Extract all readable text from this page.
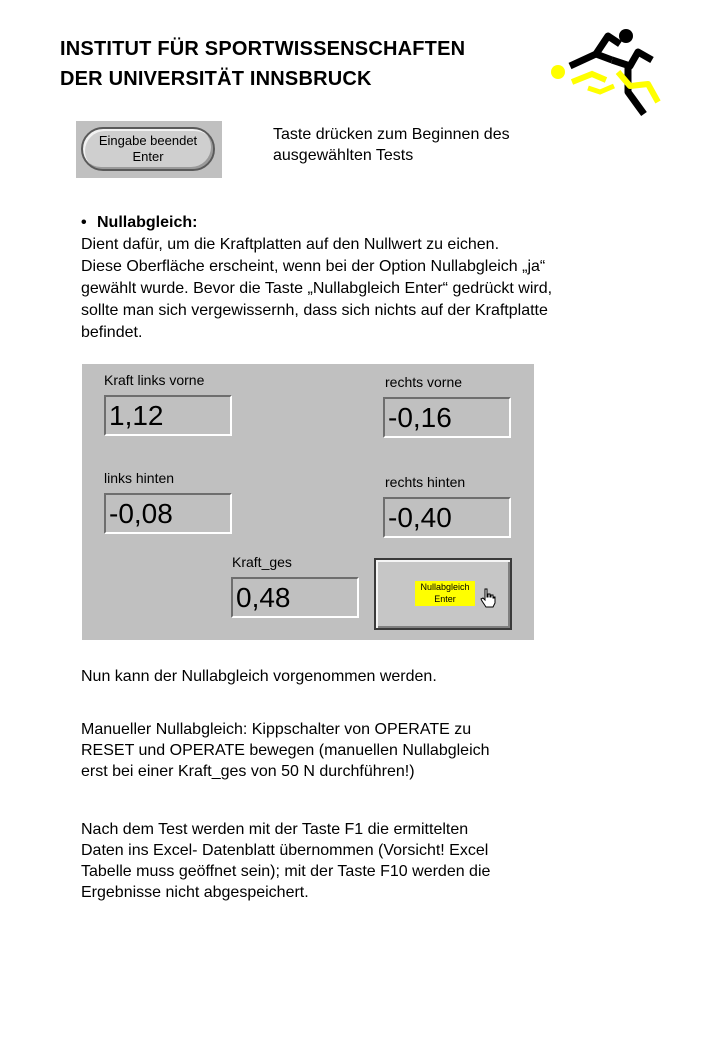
INSTITUT FÜR SPORTWISSENSCHAFTEN
DER UNIVERSITÄT INNSBRUCK
Eingabe beendet
Enter
Taste drücken zum Beginnen des
ausgewählten Tests
• Nullabgleich:
Dient dafür, um die Kraftplatten auf den Nullwert zu eichen.
Diese Oberfläche erscheint, wenn bei der Option Nullabgleich „ja“
gewählt wurde. Bevor die Taste „Nullabgleich Enter“ gedrückt wird,
sollte man sich vergewissernh, dass sich nichts auf der Kraftplatte
befindet.
Kraft links vorne
1,12
rechts vorne
-0,16
links hinten
-0,08
rechts hinten
-0,40
Kraft_ges
0,48	Nullabgleich
Enter
Nun kann der Nullabgleich vorgenommen werden.
Manueller Nullabgleich: Kippschalter von OPERATE zu
RESET und OPERATE bewegen (manuellen Nullabgleich
erst bei einer Kraft_ges von 50 N durchführen!)
Nach dem Test werden mit der Taste F1 die ermittelten
Daten ins Excel- Datenblatt übernommen (Vorsicht! Excel
Tabelle muss geöffnet sein); mit der Taste F10 werden die
Ergebnisse nicht abgespeichert.
